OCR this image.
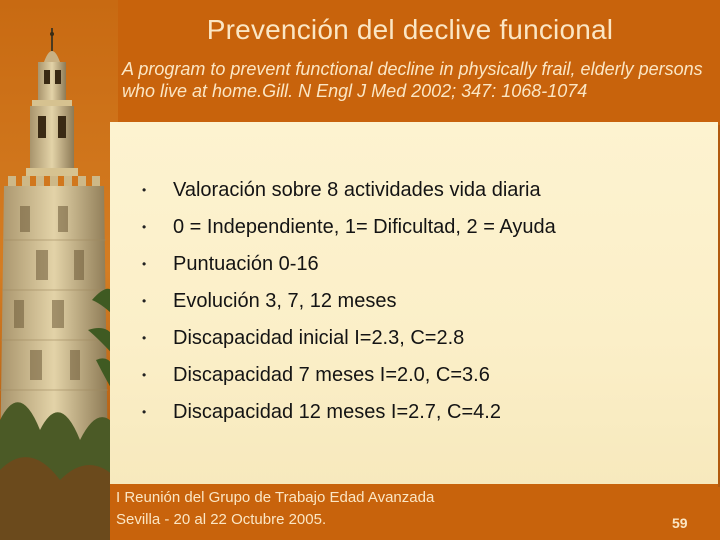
Prevención del declive funcional
A program to prevent functional decline in physically frail, elderly persons who live at home.Gill. N Engl J Med 2002; 347: 1068-1074
• Valoración sobre 8 actividades vida diaria
• 0 = Independiente, 1= Dificultad, 2 = Ayuda
• Puntuación 0-16
• Evolución 3, 7, 12 meses
• Discapacidad inicial I=2.3, C=2.8
• Discapacidad 7 meses I=2.0, C=3.6
• Discapacidad 12 meses I=2.7, C=4.2
I Reunión del Grupo de Trabajo Edad Avanzada
Sevilla - 20 al 22 Octubre 2005.	59
